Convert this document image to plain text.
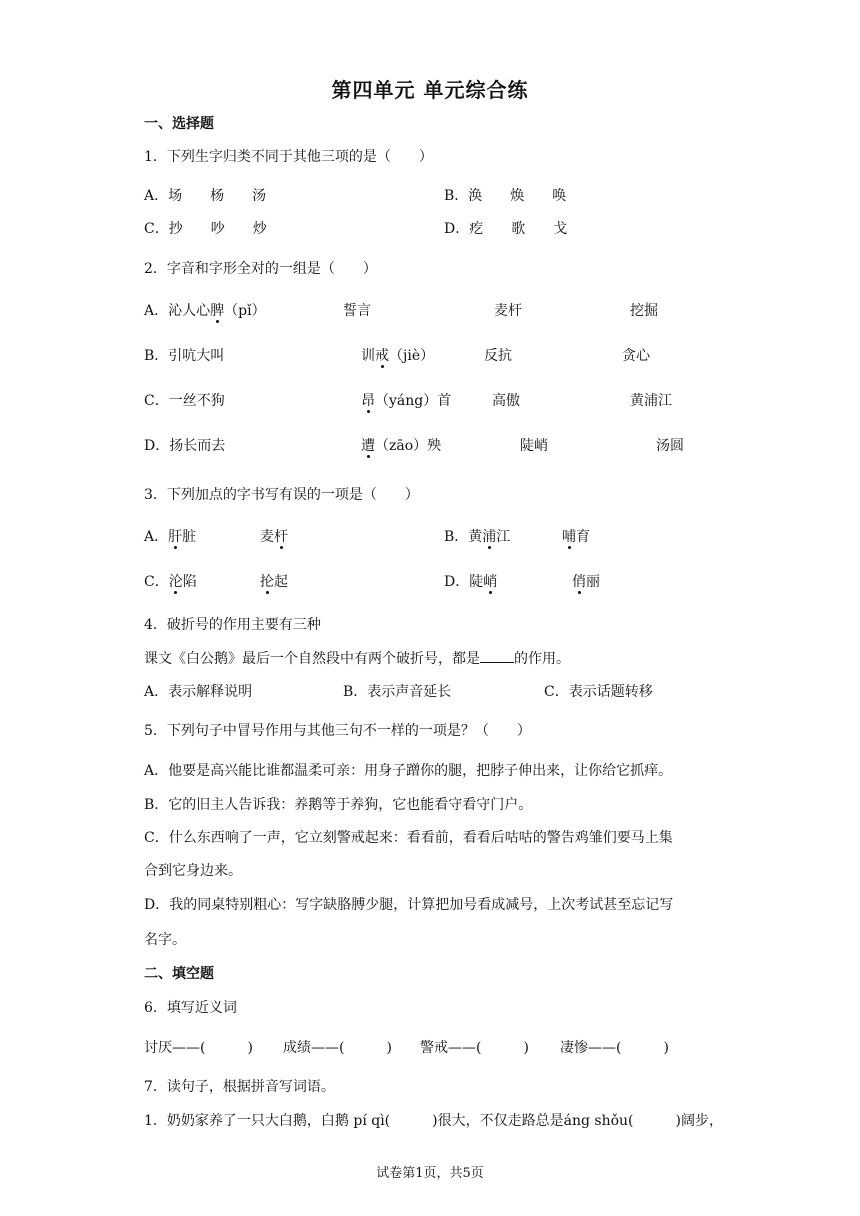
第四单元 单元综合练
一、选择题
1．下列生字归类不同于其他三项的是（　　）
A．场　　杨　　汤	B．涣　　焕　　唤
C．抄　　吵　　炒	D．疙　　歌　　戈
2．字音和字形全对的一组是（　　）
A．沁人心脾（pǐ）	誓言	麦杆	挖掘
B．引吭大叫	训戒（jiè）	反抗	贪心
C．一丝不狗	昂（yáng）首	高傲	黄浦江
D．扬长而去	遭（zāo）殃	陡峭	汤圆
3．下列加点的字书写有误的一项是（　　）
A．肝脏	麦杆	B．黄浦江	哺育
C．沦陷	抡起	D．陡峭	俏丽
4．破折号的作用主要有三种
课文《白公鹅》最后一个自然段中有两个破折号，都是 的作用。
A．表示解释说明	B．表示声音延长	C．表示话题转移
5．下列句子中冒号作用与其他三句不一样的一项是？（　　）
A．他要是高兴能比谁都温柔可亲：用身子蹭你的腿，把脖子伸出来，让你给它抓痒。
B．它的旧主人告诉我：养鹅等于养狗，它也能看守看守门户。
C．什么东西响了一声，它立刻警戒起来：看看前，看看后咕咕的警告鸡雏们要马上集
合到它身边来。
D．我的同桌特别粗心：写字缺胳膊少腿，计算把加号看成减号，上次考试甚至忘记写
名字。
二、填空题
6．填写近义词
讨厌——(　　　) 成绩——(　　　) 警戒——(　　　) 凄惨——(　　　)
7．读句子，根据拼音写词语。
1．奶奶家养了一只大白鹅，白鹅 pí qì(　　　)很大，不仅走路总是áng shǒu(　　　)阔步，
试卷第1页，共5页
